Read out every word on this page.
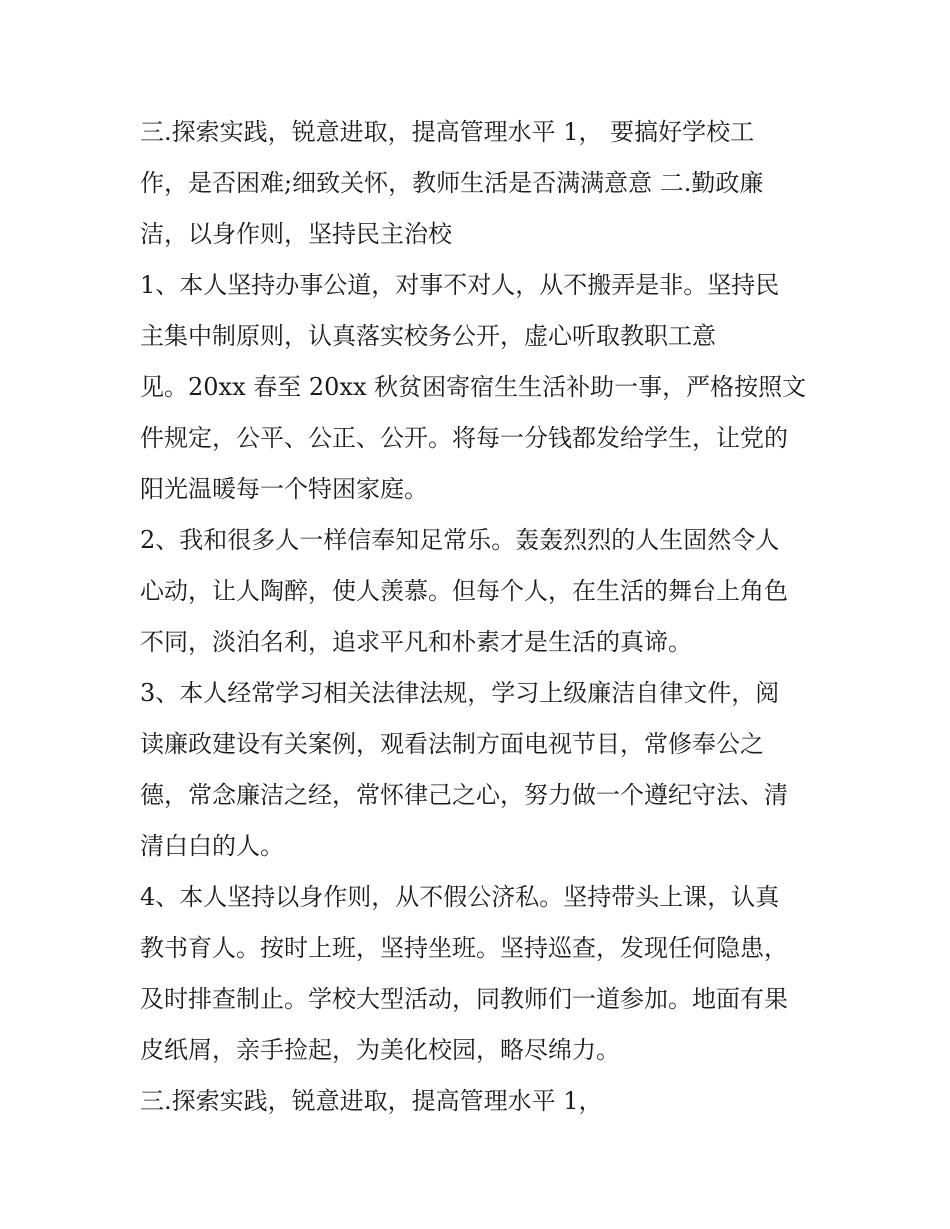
三.探索实践，锐意进取，提高管理水平 1， 要搞好学校工
作，是否困难;细致关怀，教师生活是否满满意意 二.勤政廉
洁，以身作则，坚持民主治校
1、本人坚持办事公道，对事不对人，从不搬弄是非。坚持民
主集中制原则，认真落实校务公开，虚心听取教职工意
见。20xx 春至 20xx 秋贫困寄宿生生活补助一事，严格按照文
件规定，公平、公正、公开。将每一分钱都发给学生，让党的
阳光温暖每一个特困家庭。
2、我和很多人一样信奉知足常乐。轰轰烈烈的人生固然令人
心动，让人陶醉，使人羡慕。但每个人，在生活的舞台上角色
不同，淡泊名利，追求平凡和朴素才是生活的真谛。
3、本人经常学习相关法律法规，学习上级廉洁自律文件，阅
读廉政建设有关案例，观看法制方面电视节目，常修奉公之
德，常念廉洁之经，常怀律己之心，努力做一个遵纪守法、清
清白白的人。
4、本人坚持以身作则，从不假公济私。坚持带头上课，认真
教书育人。按时上班，坚持坐班。坚持巡查，发现任何隐患，
及时排查制止。学校大型活动，同教师们一道参加。地面有果
皮纸屑，亲手捡起，为美化校园，略尽绵力。
三.探索实践，锐意进取，提高管理水平 1，
